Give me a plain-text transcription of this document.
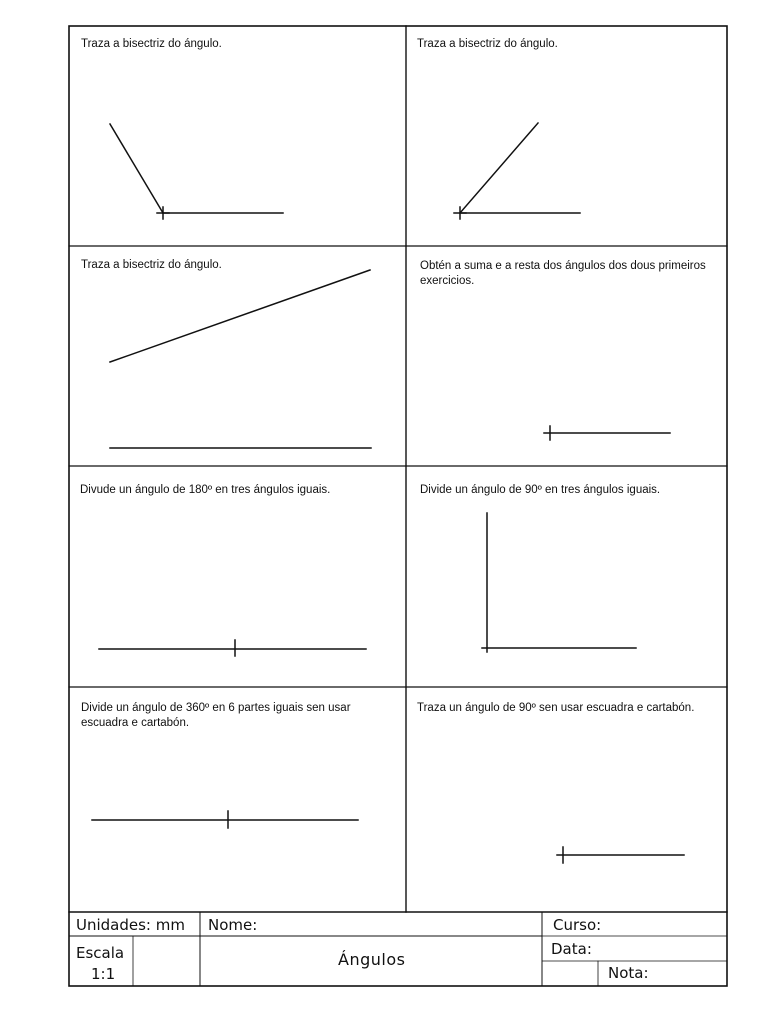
Traza a bisectriz do ángulo.	Traza a bisectriz do ángulo.
Traza a bisectriz do ángulo.	Obtén a suma e a resta dos ángulos dos dous primeiros exercicios.
Divude un ángulo de 180º en tres ángulos iguais.	Divide un ángulo de 90º en tres ángulos iguais.
Divide un ángulo de 360º en 6 partes iguais sen usar escuadra e cartabón.
Traza un ángulo de 90º sen usar escuadra e cartabón.
Unidades: mm Nome:	Curso:
Escala
1:1
Ángulos
Data:
Nota:
